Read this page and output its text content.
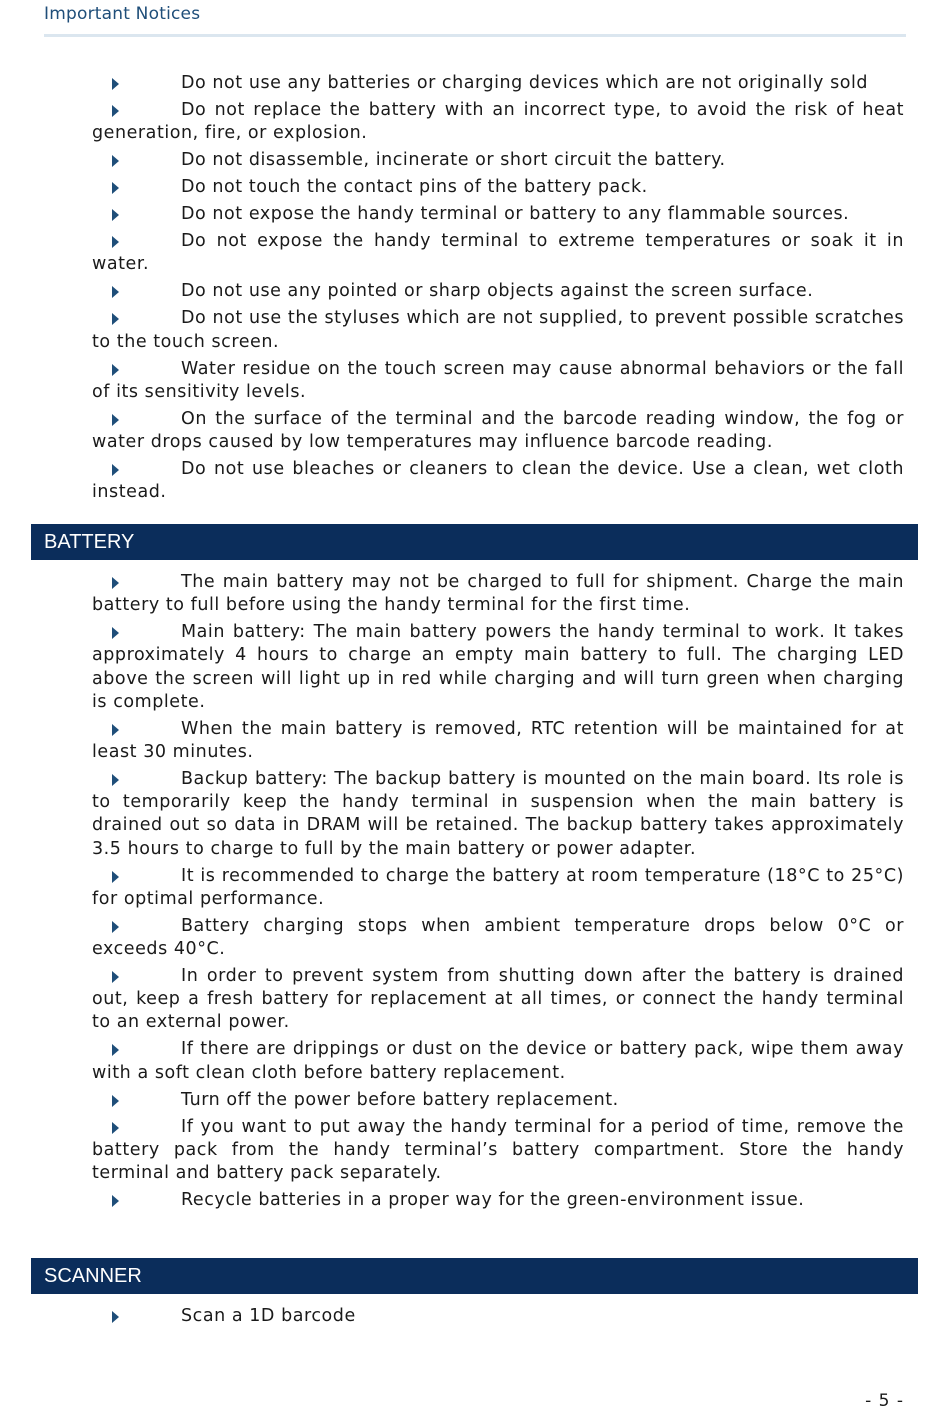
Important Notices
Do not use any batteries or charging devices which are not originally sold
Do not replace the battery with an incorrect type, to avoid the risk of heat generation, fire, or explosion.
Do not disassemble, incinerate or short circuit the battery.
Do not touch the contact pins of the battery pack.
Do not expose the handy terminal or battery to any flammable sources.
Do not expose the handy terminal to extreme temperatures or soak it in water.
Do not use any pointed or sharp objects against the screen surface.
Do not use the styluses which are not supplied, to prevent possible scratches to the touch screen.
Water residue on the touch screen may cause abnormal behaviors or the fall of its sensitivity levels.
On the surface of the terminal and the barcode reading window, the fog or water drops caused by low temperatures may influence barcode reading.
Do not use bleaches or cleaners to clean the device. Use a clean, wet cloth instead.
BATTERY
The main battery may not be charged to full for shipment. Charge the main battery to full before using the handy terminal for the first time.
Main battery: The main battery powers the handy terminal to work. It takes approximately 4 hours to charge an empty main battery to full. The charging LED above the screen will light up in red while charging and will turn green when charging is complete.
When the main battery is removed, RTC retention will be maintained for at least 30 minutes.
Backup battery: The backup battery is mounted on the main board. Its role is to temporarily keep the handy terminal in suspension when the main battery is drained out so data in DRAM will be retained. The backup battery takes approximately 3.5 hours to charge to full by the main battery or power adapter.
It is recommended to charge the battery at room temperature (18°C to 25°C) for optimal performance.
Battery charging stops when ambient temperature drops below 0°C or exceeds 40°C.
In order to prevent system from shutting down after the battery is drained out, keep a fresh battery for replacement at all times, or connect the handy terminal to an external power.
If there are drippings or dust on the device or battery pack, wipe them away with a soft clean cloth before battery replacement.
Turn off the power before battery replacement.
If you want to put away the handy terminal for a period of time, remove the battery pack from the handy terminal’s battery compartment. Store the handy terminal and battery pack separately.
Recycle batteries in a proper way for the green-environment issue.
SCANNER
Scan a 1D barcode
- 5 -
